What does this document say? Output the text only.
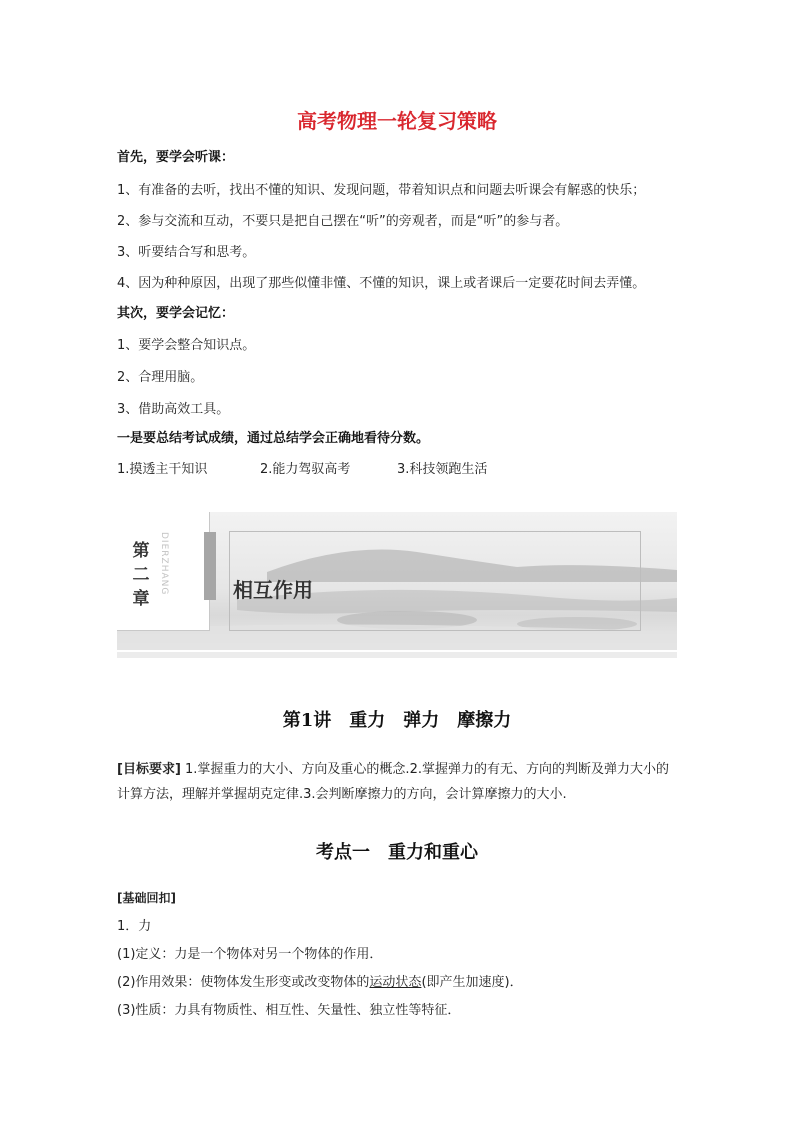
高考物理一轮复习策略
首先，要学会听课：
1、有准备的去听，找出不懂的知识、发现问题，带着知识点和问题去听课会有解惑的快乐；
2、参与交流和互动，不要只是把自己摆在“听”的旁观者，而是“听”的参与者。
3、听要结合写和思考。
4、因为种种原因，出现了那些似懂非懂、不懂的知识，课上或者课后一定要花时间去弄懂。
其次，要学会记忆：
1、要学会整合知识点。
2、合理用脑。
3、借助高效工具。
一是要总结考试成绩，通过总结学会正确地看待分数。
1.摸透主干知识	2.能力驾驭高考	3.科技领跑生活
第
二
章
DIERZHANG	相互作用
第1讲　重力　弹力　摩擦力
[目标要求] 1.掌握重力的大小、方向及重心的概念.2.掌握弹力的有无、方向的判断及弹力大小的计算方法，理解并掌握胡克定律.3.会判断摩擦力的方向，会计算摩擦力的大小.
考点一　重力和重心
[基础回扣]
1．力
(1)定义：力是一个物体对另一个物体的作用．
(2)作用效果：使物体发生形变或改变物体的运动状态(即产生加速度)．
(3)性质：力具有物质性、相互性、矢量性、独立性等特征．
